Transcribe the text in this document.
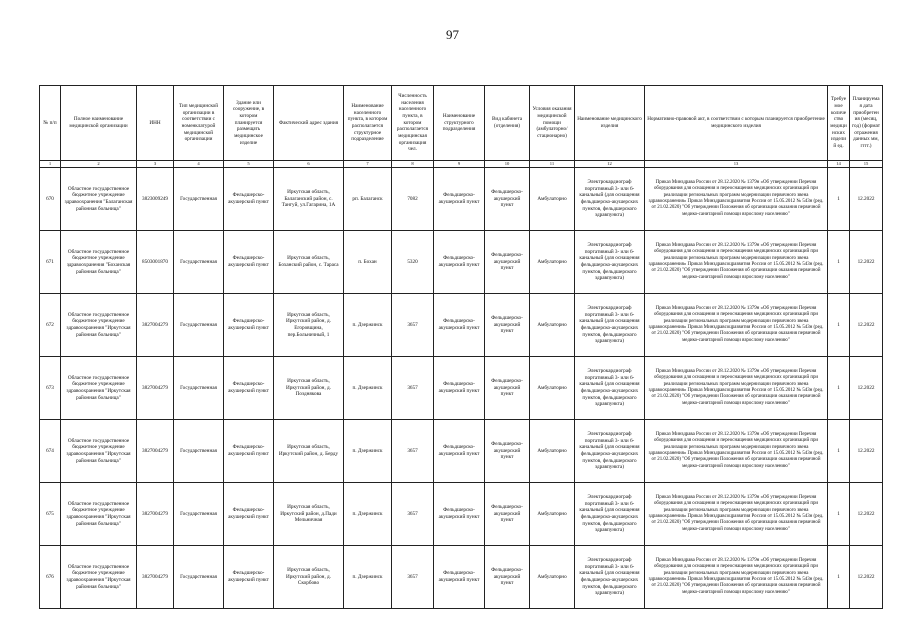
97
№ п/п	Полное наименование медицинской организации	ИНН	Тип медицинской организации в соответствии с номенклатурой медицинской организации	Здание или сооружение, в котором планируется размещать медицинское изделие	Фактический адрес здания	Наименование населенного пункта, в котором располагается структурное подразделение	Численность населения населенного пункта, в котором располагается медицинская организация чел.	Наименование структурного подразделения	Вид кабинета (отделения)	Условия оказания медицинской помощи (амбулаторно/стационарно)	Наименование медицинского изделия	Нормативно-правовой акт, в соответствии с которым планируется приобретение медицинского изделия	Требуемое количество медицинских изделий ед.	Планируемая дата приобретения (месяц, год) (формат отражения данных мм, гггг.)
1	2	3	4	5	6	7	8	9	10	11	12	13	14	15
670	Областное государственное бюджетное учреждение здравоохранения "Балаганская районная больница"	3823009249	Государственная	Фельдшерско-акушерский пункт	Иркутская область, Балаганский район, с. Тангуй, ул.Гагарина, 1А	рп. Балаганск	7082	Фельдшерско-акушерский пункт	Фельдшерско-акушерский пункт	Амбулаторно	Электрокардиограф портативный 3- или 6-канальный (для оснащения фельдшерско-акушерских пунктов, фельдшерского здравпункта)	Приказ Минздрава России от 28.12.2020 № 1379н «Об утверждении Перечня оборудования для оснащения и переоснащения медицинских организаций при реализации региональных программ модернизации первичного звена здравоохранения» Приказ Минздравсоцразвития России от 15.05.2012 № 543н (ред. от 21.02.2020) "Об утверждении Положения об организации оказания первичной медико-санитарной помощи взрослому населению"	1	12.2022
671	Областное государственное бюджетное учреждение здравоохранения "Боханская районная больница"	8503001870	Государственная	Фельдшерско-акушерский пункт	Иркутская область, Боханский район, с. Тараса	п. Бохан	5320	Фельдшерско-акушерский пункт	Фельдшерско-акушерский пункт	Амбулаторно	Электрокардиограф портативный 3- или 6-канальный (для оснащения фельдшерско-акушерских пунктов, фельдшерского здравпункта)	Приказ Минздрава России от 28.12.2020 № 1379н «Об утверждении Перечня оборудования для оснащения и переоснащения медицинских организаций при реализации региональных программ модернизации первичного звена здравоохранения» Приказ Минздравсоцразвития России от 15.05.2012 № 543н (ред. от 21.02.2020) "Об утверждении Положения об организации оказания первичной медико-санитарной помощи взрослому населению"	1	12.2022
672	Областное государственное бюджетное учреждение здравоохранения "Иркутская районная больница"	3827004279	Государственная	Фельдшерско-акушерский пункт	Иркутская область, Иркутский район, д. Егоровщина, пер.Больничный, 1	п. Дзержинск	3657	Фельдшерско-акушерский пункт	Фельдшерско-акушерский пункт	Амбулаторно	Электрокардиограф портативный 3- или 6-канальный (для оснащения фельдшерско-акушерских пунктов, фельдшерского здравпункта)	Приказ Минздрава России от 28.12.2020 № 1379н «Об утверждении Перечня оборудования для оснащения и переоснащения медицинских организаций при реализации региональных программ модернизации первичного звена здравоохранения» Приказ Минздравсоцразвития России от 15.05.2012 № 543н (ред. от 21.02.2020) "Об утверждении Положения об организации оказания первичной медико-санитарной помощи взрослому населению"	1	12.2022
673	Областное государственное бюджетное учреждение здравоохранения "Иркутская районная больница"	3827004279	Государственная	Фельдшерско-акушерский пункт	Иркутская область, Иркутский район, д. Позднякова	п. Дзержинск	3657	Фельдшерско-акушерский пункт	Фельдшерско-акушерский пункт	Амбулаторно	Электрокардиограф портативный 3- или 6-канальный (для оснащения фельдшерско-акушерских пунктов, фельдшерского здравпункта)	Приказ Минздрава России от 28.12.2020 № 1379н «Об утверждении Перечня оборудования для оснащения и переоснащения медицинских организаций при реализации региональных программ модернизации первичного звена здравоохранения» Приказ Минздравсоцразвития России от 15.05.2012 № 543н (ред. от 21.02.2020) "Об утверждении Положения об организации оказания первичной медико-санитарной помощи взрослому населению"	1	12.2022
674	Областное государственное бюджетное учреждение здравоохранения "Иркутская районная больница"	3827004279	Государственная	Фельдшерско-акушерский пункт	Иркутская область, Иркутский район, д. Берду	п. Дзержинск	3657	Фельдшерско-акушерский пункт	Фельдшерско-акушерский пункт	Амбулаторно	Электрокардиограф портативный 3- или 6-канальный (для оснащения фельдшерско-акушерских пунктов, фельдшерского здравпункта)	Приказ Минздрава России от 28.12.2020 № 1379н «Об утверждении Перечня оборудования для оснащения и переоснащения медицинских организаций при реализации региональных программ модернизации первичного звена здравоохранения» Приказ Минздравсоцразвития России от 15.05.2012 № 543н (ред. от 21.02.2020) "Об утверждении Положения об организации оказания первичной медико-санитарной помощи взрослому населению"	1	12.2022
675	Областное государственное бюджетное учреждение здравоохранения "Иркутская районная больница"	3827004279	Государственная	Фельдшерско-акушерский пункт	Иркутская область, Иркутский район, д.Пади Мельничная	п. Дзержинск	3657	Фельдшерско-акушерский пункт	Фельдшерско-акушерский пункт	Амбулаторно	Электрокардиограф портативный 3- или 6-канальный (для оснащения фельдшерско-акушерских пунктов, фельдшерского здравпункта)	Приказ Минздрава России от 28.12.2020 № 1379н «Об утверждении Перечня оборудования для оснащения и переоснащения медицинских организаций при реализации региональных программ модернизации первичного звена здравоохранения» Приказ Минздравсоцразвития России от 15.05.2012 № 543н (ред. от 21.02.2020) "Об утверждении Положения об организации оказания первичной медико-санитарной помощи взрослому населению"	1	12.2022
676	Областное государственное бюджетное учреждение здравоохранения "Иркутская районная больница"	3827004279	Государственная	Фельдшерско-акушерский пункт	Иркутская область, Иркутский район, д. Скорбово	п. Дзержинск	3657	Фельдшерско-акушерский пункт	Фельдшерско-акушерский пункт	Амбулаторно	Электрокардиограф портативный 3- или 6-канальный (для оснащения фельдшерско-акушерских пунктов, фельдшерского здравпункта)	Приказ Минздрава России от 28.12.2020 № 1379н «Об утверждении Перечня оборудования для оснащения и переоснащения медицинских организаций при реализации региональных программ модернизации первичного звена здравоохранения» Приказ Минздравсоцразвития России от 15.05.2012 № 543н (ред. от 21.02.2020) "Об утверждении Положения об организации оказания первичной медико-санитарной помощи взрослому населению"	1	12.2022
